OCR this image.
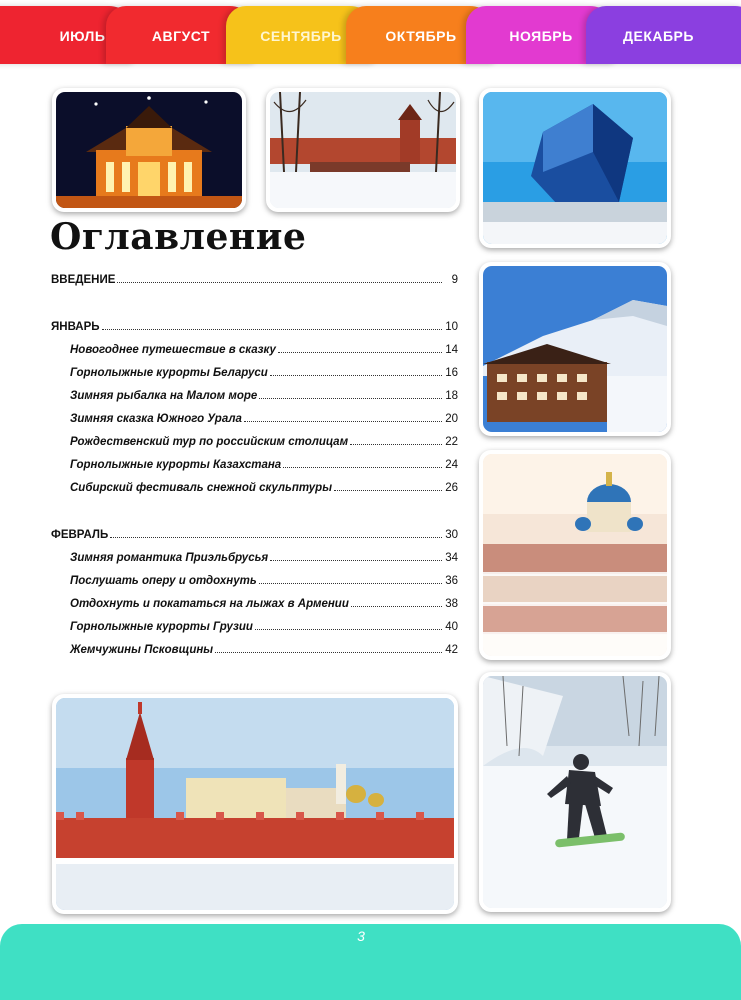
ИЮЛЬ	АВГУСТ	СЕНТЯБРЬ	ОКТЯБРЬ	НОЯБРЬ	ДЕКАБРЬ
Оглавление
ВВЕДЕНИЕ	9
ЯНВАРЬ	10
Новогоднее путешествие в сказку	14
Горнолыжные курорты Беларуси	16
Зимняя рыбалка на Малом море	18
Зимняя сказка Южного Урала	20
Рождественский тур по российским столицам	22
Горнолыжные курорты Казахстана	24
Сибирский фестиваль снежной скульптуры	26
ФЕВРАЛЬ	30
Зимняя романтика Приэльбрусья	34
Послушать оперу и отдохнуть	36
Отдохнуть и покататься на лыжах в Армении	38
Горнолыжные курорты Грузии	40
Жемчужины Псковщины	42
3
